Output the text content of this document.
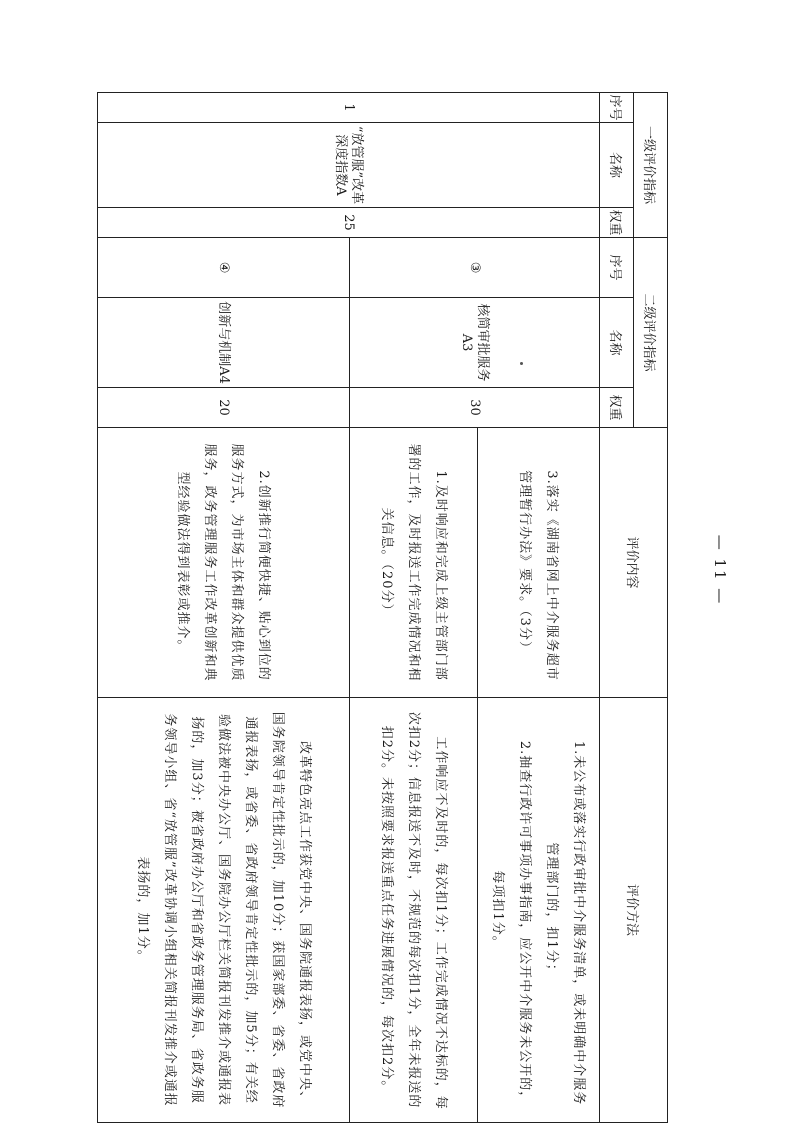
一级评价指标			二级评价指标			评价内容	评价方法
序号	名称	权重	序号	名称	权重		
1	“放管服”改革深度指数A	25	③	核简审批服务A3	30	3.落实《湖南省网上中介服务超市管理暂行办法》要求。（3分）	1.未公布或落实行政审批中介服务清单，或未明确中介服务管理部门的，扣1分；

2.抽查行政许可事项办事指南，应公开中介服务未公开的，每项扣1分。

						1.及时响应和完成上级主管部门部署的工作，及时报送工作完成情况和相关信息。（20分）	工作响应不及时的，每次扣1分；工作完成情况不达标的，每次扣2分；信息报送不及时，不规范的每次扣1分，全年未报送的扣2分。未按照要求报送重点任务进展情况的，每次扣2分。

			④	创新与机制A4	20	2.创新推行简便快捷、贴心到位的服务方式，为市场主体和群众提供优质服务，政务管理服务工作改革创新和典型经验做法得到表彰或推介。	改革特色亮点工作获党中央、国务院通报表扬，或党中央、国务院领导肯定性批示的，加10分；获国家部委、省委、省政府通报表扬，或省委、省政府领导肯定性批示的，加5分；有关经验做法被中央办公厅、国务院办公厅栏关简报刊发推介或通报表扬的，加3分；被省政府办公厅和省政务管理服务局、省政务服务领导小组、省“放管服”改革协调小组相关简报刊发推介或通报表扬的，加1分。

— 11 —
